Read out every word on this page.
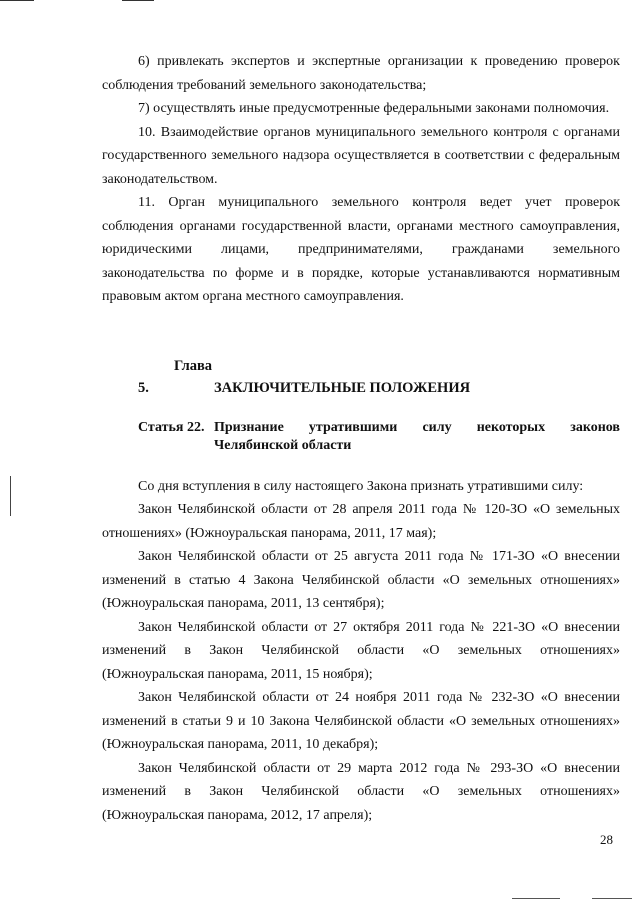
6) привлекать экспертов и экспертные организации к проведению проверок соблюдения требований земельного законодательства;

7) осуществлять иные предусмотренные федеральными законами полномочия.

10. Взаимодействие органов муниципального земельного контроля с органами государственного земельного надзора осуществляется в соответствии с федеральным законодательством.

11. Орган муниципального земельного контроля ведет учет проверок соблюдения органами государственной власти, органами местного самоуправления, юридическими лицами, предпринимателями, гражданами земельного законодательства по форме и в порядке, которые устанавливаются нормативным правовым актом органа местного самоуправления.

Глава 5.	ЗАКЛЮЧИТЕЛЬНЫЕ ПОЛОЖЕНИЯ
Статья 22. Признание утратившими силу некоторых законов Челябинской области

Со дня вступления в силу настоящего Закона признать утратившими силу:

Закон Челябинской области от 28 апреля 2011 года № 120-ЗО «О земельных отношениях» (Южноуральская панорама, 2011, 17 мая);

Закон Челябинской области от 25 августа 2011 года № 171-ЗО «О внесении изменений в статью 4 Закона Челябинской области «О земельных отношениях» (Южноуральская панорама, 2011, 13 сентября);

Закон Челябинской области от 27 октября 2011 года № 221-ЗО «О внесении изменений в Закон Челябинской области «О земельных отношениях» (Южноуральская панорама, 2011, 15 ноября);

Закон Челябинской области от 24 ноября 2011 года № 232-ЗО «О внесении изменений в статьи 9 и 10 Закона Челябинской области «О земельных отношениях» (Южноуральская панорама, 2011, 10 декабря);

Закон Челябинской области от 29 марта 2012 года № 293-ЗО «О внесении изменений в Закон Челябинской области «О земельных отношениях» (Южноуральская панорама, 2012, 17 апреля);

28
